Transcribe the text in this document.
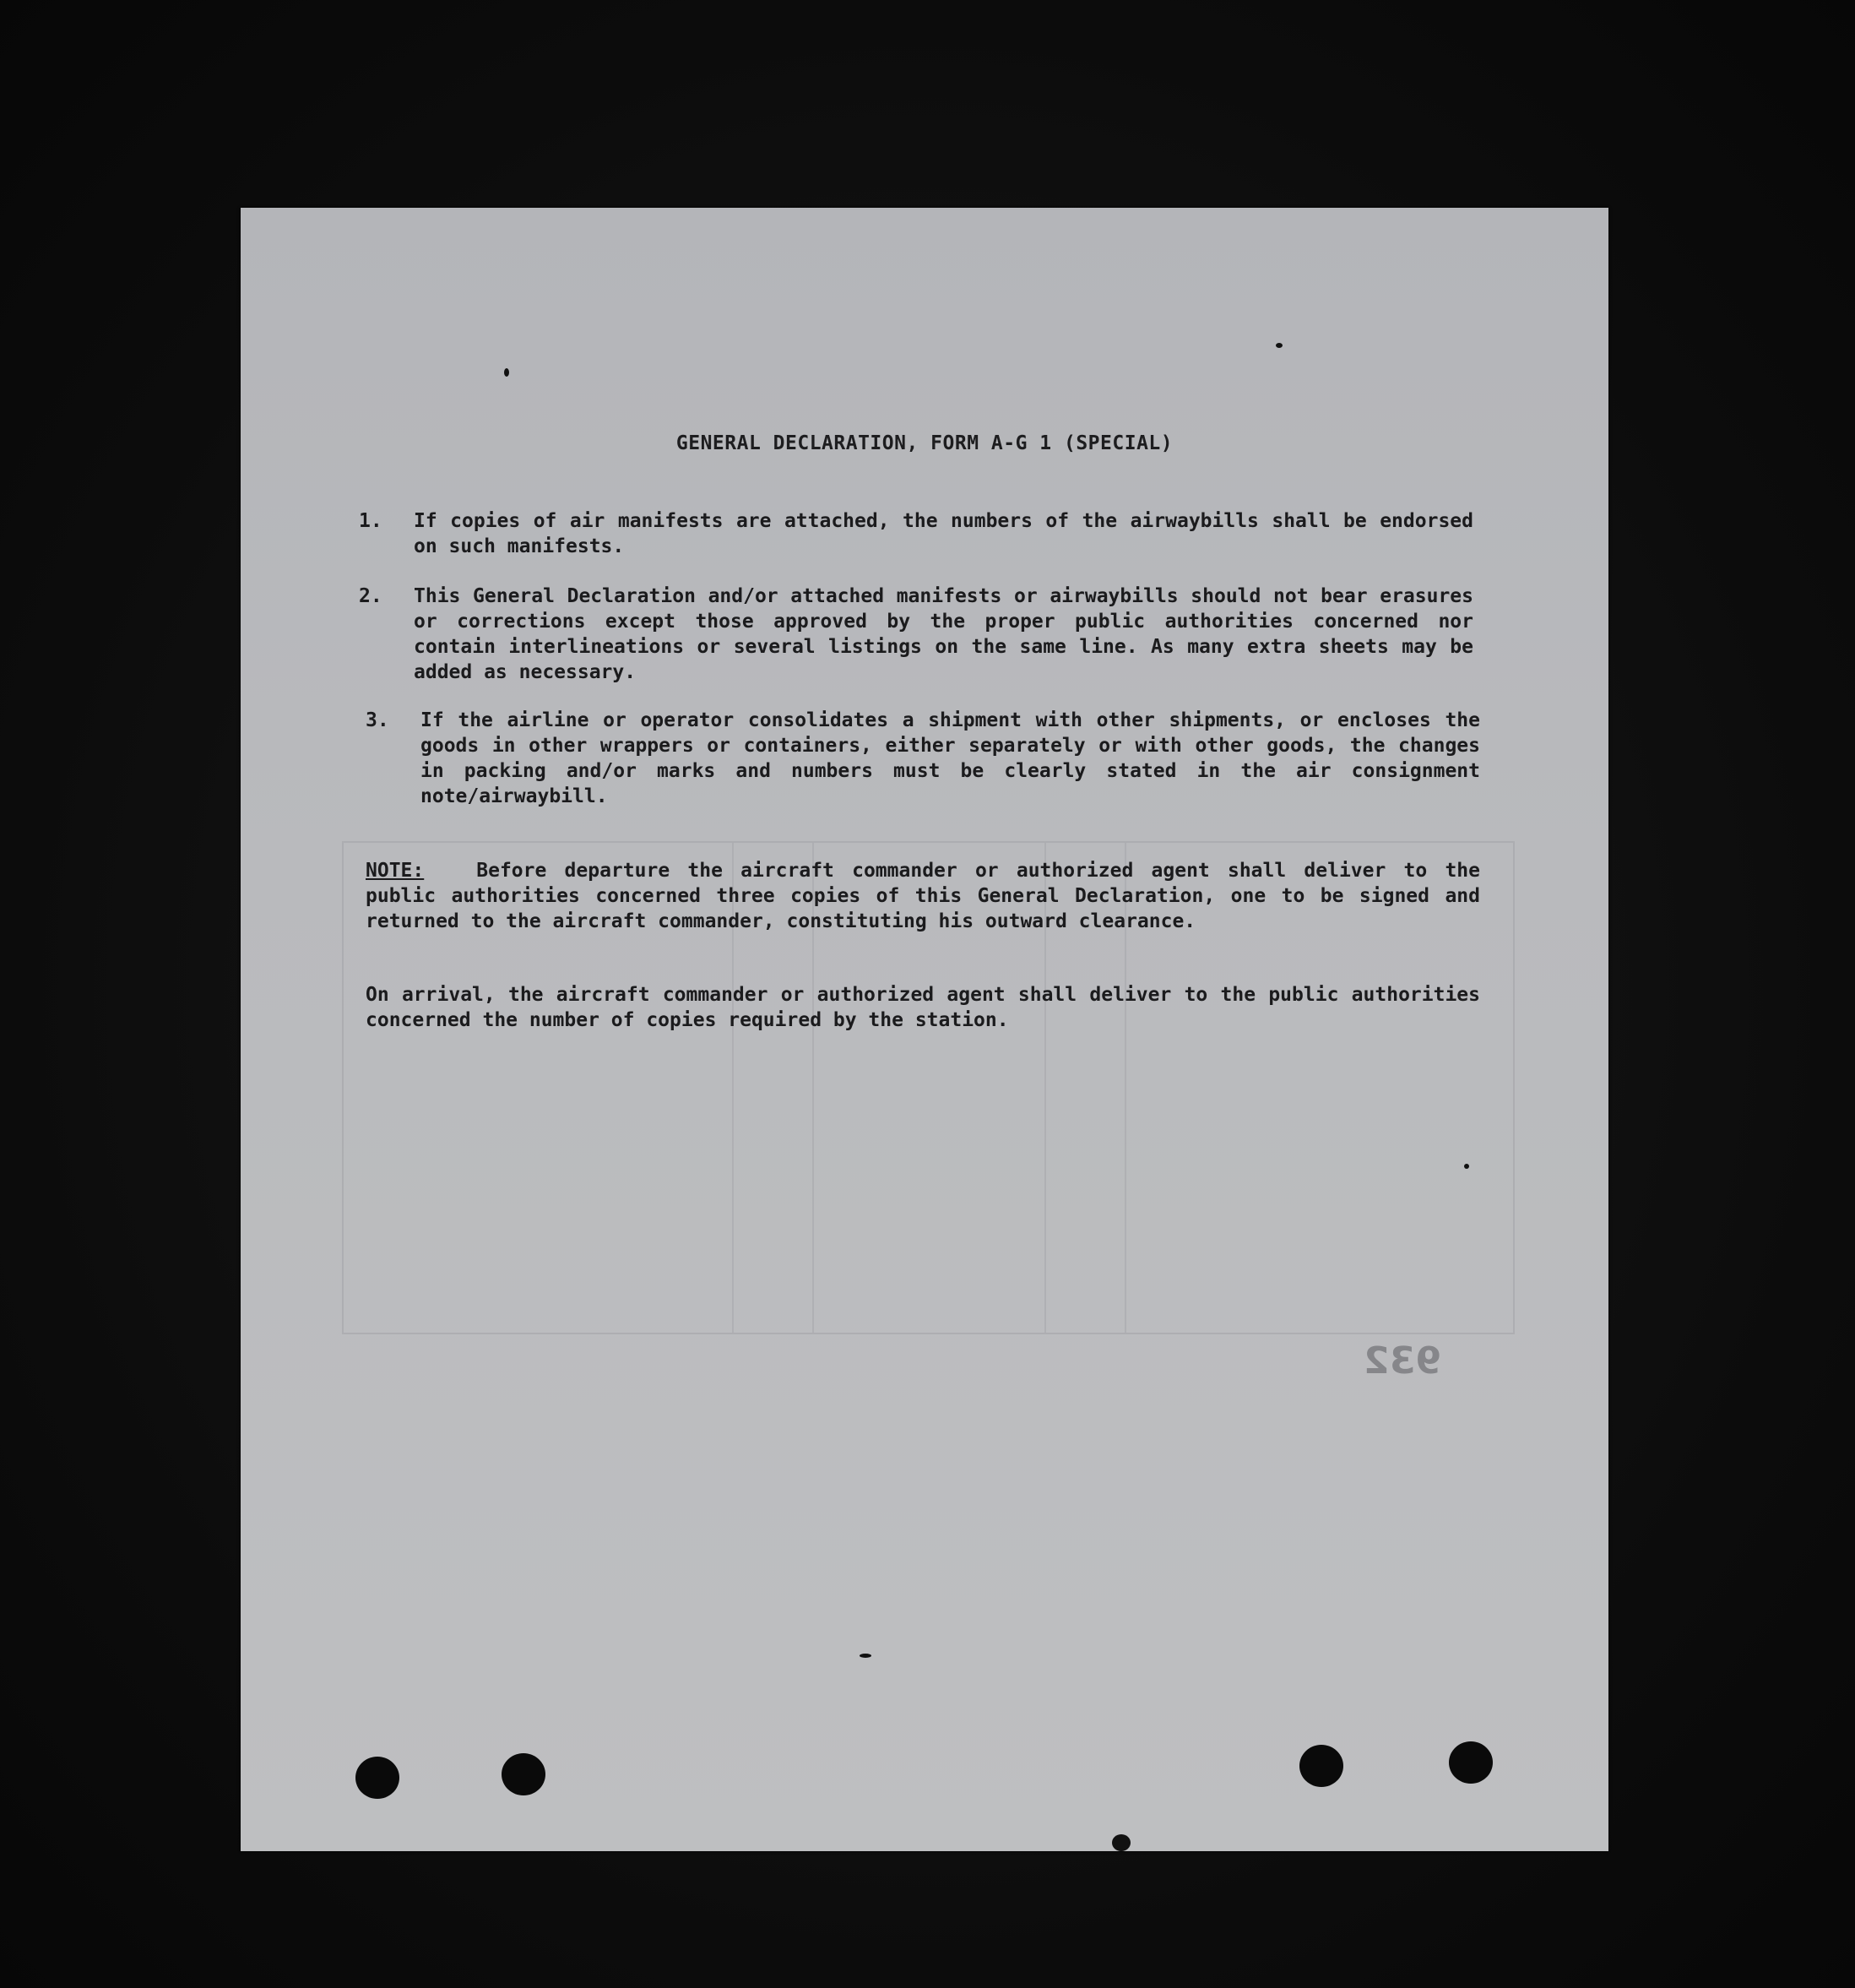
GENERAL DECLARATION, FORM A-G 1 (SPECIAL)
1. If copies of air manifests are attached, the numbers of the airwaybills shall be endorsed on such manifests.
2. This General Declaration and/or attached manifests or airwaybills should not bear erasures or corrections except those approved by the proper public authorities concerned nor contain interlineations or several listings on the same line. As many extra sheets may be added as necessary.
3. If the airline or operator consolidates a shipment with other shipments, or encloses the goods in other wrappers or containers, either separately or with other goods, the changes in packing and/or marks and numbers must be clearly stated in the air consignment note/airwaybill.
NOTE:	Before departure the aircraft commander or authorized agent shall deliver to the public authorities concerned three copies of this General Declaration, one to be signed and returned to the aircraft commander, constituting his outward clearance.
On arrival, the aircraft commander or authorized agent shall deliver to the public authorities concerned the number of copies required by the station.
932
